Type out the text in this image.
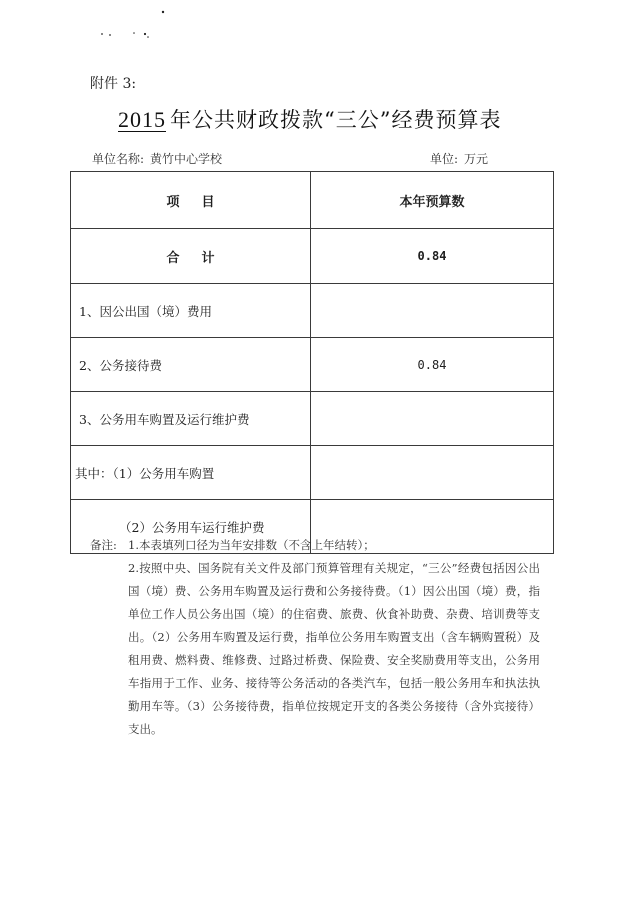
附件 3:
2015 年公共财政拨款“三公”经费预算表
单位名称: 黄竹中心学校	单位: 万元
项目	本年预算数
合计	0.84
1、因公出国（境）费用	
2、公务接待费	0.84
3、公务用车购置及运行维护费	
其中：（1）公务用车购置	
（2）公务用车运行维护费	
备注: 1.本表填列口径为当年安排数（不含上年结转）；
2.按照中央、国务院有关文件及部门预算管理有关规定，“三公”经费包括因公出国（境）费、公务用车购置及运行费和公务接待费。（1）因公出国（境）费，指单位工作人员公务出国（境）的住宿费、旅费、伙食补助费、杂费、培训费等支出。（2）公务用车购置及运行费，指单位公务用车购置支出（含车辆购置税）及租用费、燃料费、维修费、过路过桥费、保险费、安全奖励费用等支出，公务用车指用于工作、业务、接待等公务活动的各类汽车，包括一般公务用车和执法执勤用车等。（3）公务接待费，指单位按规定开支的各类公务接待（含外宾接待）支出。
